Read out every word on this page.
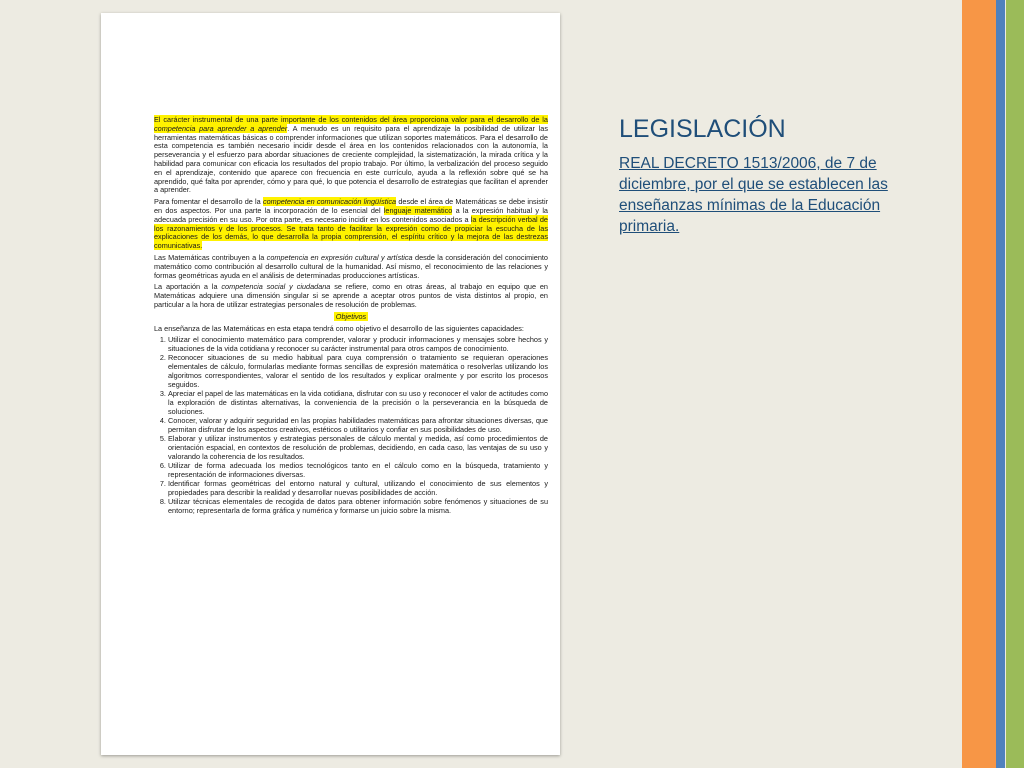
El carácter instrumental de una parte importante de los contenidos del área proporciona valor para el desarrollo de la competencia para aprender a aprender. A menudo es un requisito para el aprendizaje la posibilidad de utilizar las herramientas matemáticas básicas o comprender informaciones que utilizan soportes matemáticos. Para el desarrollo de esta competencia es también necesario incidir desde el área en los contenidos relacionados con la autonomía, la perseverancia y el esfuerzo para abordar situaciones de creciente complejidad, la sistematización, la mirada crítica y la habilidad para comunicar con eficacia los resultados del propio trabajo. Por último, la verbalización del proceso seguido en el aprendizaje, contenido que aparece con frecuencia en este currículo, ayuda a la reflexión sobre qué se ha aprendido, qué falta por aprender, cómo y para qué, lo que potencia el desarrollo de estrategias que facilitan el aprender a aprender.

Para fomentar el desarrollo de la competencia en comunicación lingüística desde el área de Matemáticas se debe insistir en dos aspectos. Por una parte la incorporación de lo esencial del lenguaje matemático a la expresión habitual y la adecuada precisión en su uso. Por otra parte, es necesario incidir en los contenidos asociados a la descripción verbal de los razonamientos y de los procesos. Se trata tanto de facilitar la expresión como de propiciar la escucha de las explicaciones de los demás, lo que desarrolla la propia comprensión, el espíritu crítico y la mejora de las destrezas comunicativas.

Las Matemáticas contribuyen a la competencia en expresión cultural y artística desde la consideración del conocimiento matemático como contribución al desarrollo cultural de la humanidad. Así mismo, el reconocimiento de las relaciones y formas geométricas ayuda en el análisis de determinadas producciones artísticas.

La aportación a la competencia social y ciudadana se refiere, como en otras áreas, al trabajo en equipo que en Matemáticas adquiere una dimensión singular si se aprende a aceptar otros puntos de vista distintos al propio, en particular a la hora de utilizar estrategias personales de resolución de problemas.

Objetivos

La enseñanza de las Matemáticas en esta etapa tendrá como objetivo el desarrollo de las siguientes capacidades:

1. Utilizar el conocimiento matemático para comprender, valorar y producir informaciones y mensajes sobre hechos y situaciones de la vida cotidiana y reconocer su carácter instrumental para otros campos de conocimiento.
2. Reconocer situaciones de su medio habitual para cuya comprensión o tratamiento se requieran operaciones elementales de cálculo, formularlas mediante formas sencillas de expresión matemática o resolverlas utilizando los algoritmos correspondientes, valorar el sentido de los resultados y explicar oralmente y por escrito los procesos seguidos.
3. Apreciar el papel de las matemáticas en la vida cotidiana, disfrutar con su uso y reconocer el valor de actitudes como la exploración de distintas alternativas, la conveniencia de la precisión o la perseverancia en la búsqueda de soluciones.
4. Conocer, valorar y adquirir seguridad en las propias habilidades matemáticas para afrontar situaciones diversas, que permitan disfrutar de los aspectos creativos, estéticos o utilitarios y confiar en sus posibilidades de uso.
5. Elaborar y utilizar instrumentos y estrategias personales de cálculo mental y medida, así como procedimientos de orientación espacial, en contextos de resolución de problemas, decidiendo, en cada caso, las ventajas de su uso y valorando la coherencia de los resultados.
6. Utilizar de forma adecuada los medios tecnológicos tanto en el cálculo como en la búsqueda, tratamiento y representación de informaciones diversas.
7. Identificar formas geométricas del entorno natural y cultural, utilizando el conocimiento de sus elementos y propiedades para describir la realidad y desarrollar nuevas posibilidades de acción.
8. Utilizar técnicas elementales de recogida de datos para obtener información sobre fenómenos y situaciones de su entorno; representarla de forma gráfica y numérica y formarse un juicio sobre la misma.
LEGISLACIÓN
REAL DECRETO 1513/2006, de 7 de diciembre, por el que se establecen las enseñanzas mínimas de la Educación primaria.
